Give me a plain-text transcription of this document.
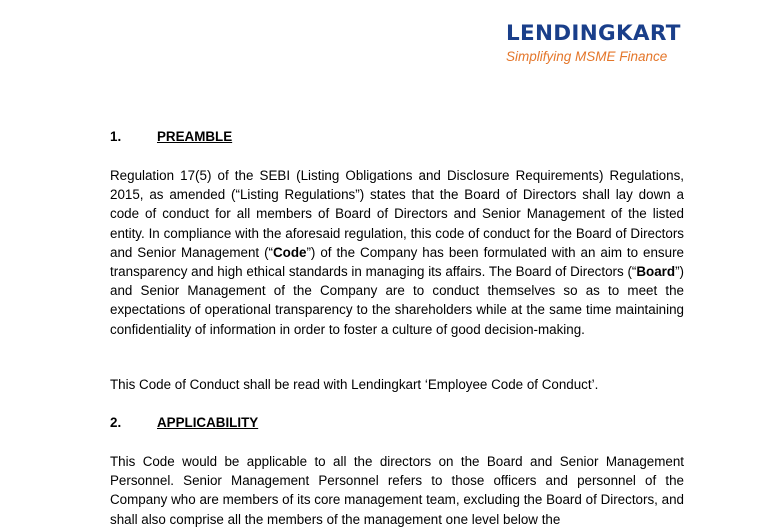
LENDINGKART
Simplifying MSME Finance
1.	PREAMBLE

Regulation 17(5) of the SEBI (Listing Obligations and Disclosure Requirements) Regulations, 2015, as amended (“Listing Regulations”) states that the Board of Directors shall lay down a code of conduct for all members of Board of Directors and Senior Management of the listed entity. In compliance with the aforesaid regulation, this code of conduct for the Board of Directors and Senior Management (“Code”) of the Company has been formulated with an aim to ensure transparency and high ethical standards in managing its affairs. The Board of Directors (“Board”) and Senior Management of the Company are to conduct themselves so as to meet the expectations of operational transparency to the shareholders while at the same time maintaining confidentiality of information in order to foster a culture of good decision-making.

This Code of Conduct shall be read with Lendingkart ‘Employee Code of Conduct’.

2.	APPLICABILITY

This Code would be applicable to all the directors on the Board and Senior Management Personnel. Senior Management Personnel refers to those officers and personnel of the Company who are members of its core management team, excluding the Board of Directors, and shall also comprise all the members of the management one level below the
